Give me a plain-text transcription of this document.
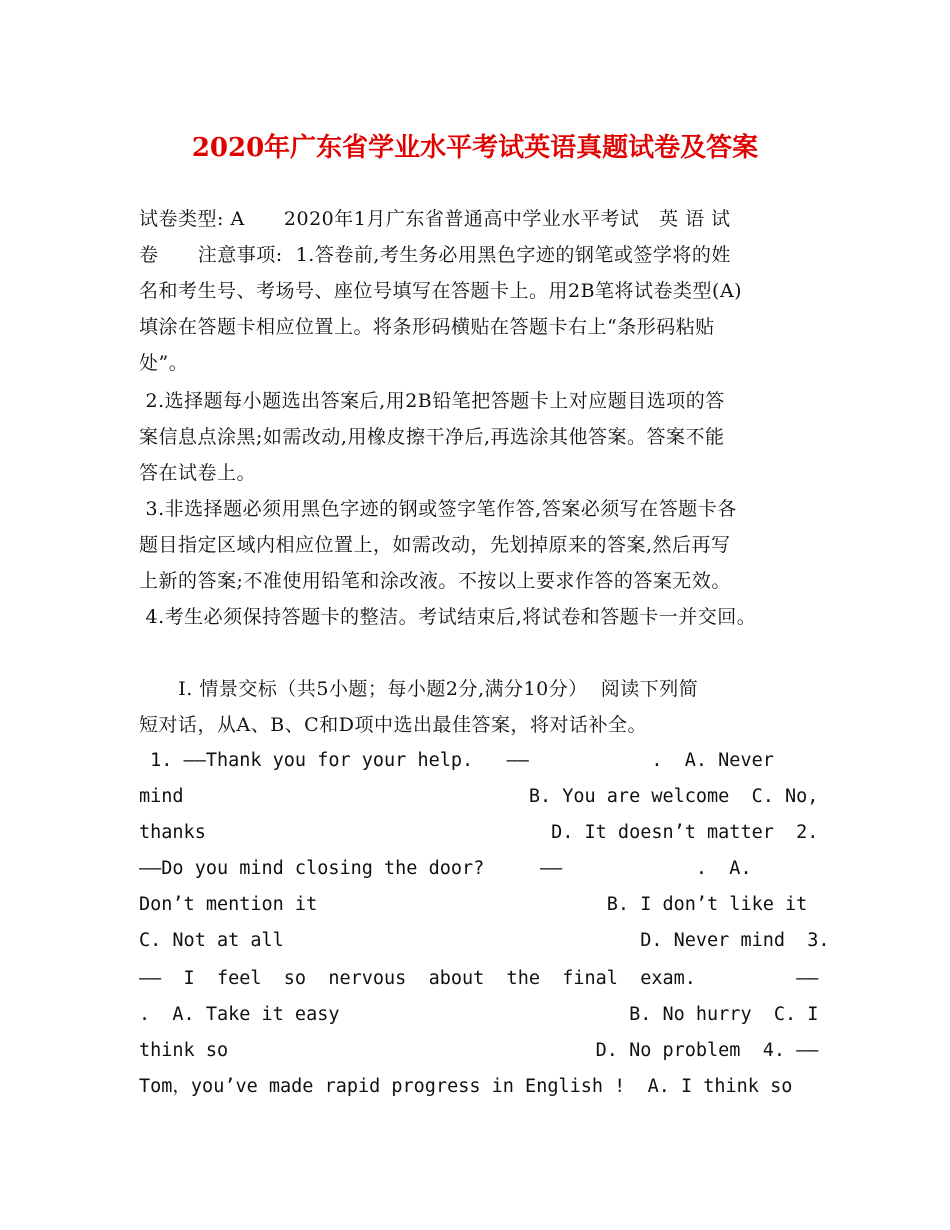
2020年广东省学业水平考试英语真题试卷及答案
试卷类型: A      2020年1月广东省普通高中学业水平考试   英 语 试
卷      注意事项:  1.答卷前,考生务必用黑色字迹的钢笔或签学将的姓
名和考生号、考场号、座位号填写在答题卡上。用2B笔将试卷类型(A)
填涂在答题卡相应位置上。将条形码横贴在答题卡右上“条形码粘贴
处”。
2.选择题每小题选出答案后,用2B铅笔把答题卡上对应题目选项的答
案信息点涂黑;如需改动,用橡皮擦干净后,再选涂其他答案。答案不能
答在试卷上。
3.非选择题必须用黑色字迹的钢或签字笔作答,答案必须写在答题卡各
题目指定区域内相应位置上，如需改动，先划掉原来的答案,然后再写
上新的答案;不准使用铅笔和涂改液。不按以上要求作答的答案无效。
4.考生必须保持答题卡的整洁。考试结束后,将试卷和答题卡一并交回。
I. 情景交标（共5小题；每小题2分,满分10分）  阅读下列简
短对话，从A、B、C和D项中选出最佳答案，将对话补全。
1. ——Thank you for your help.   ——           .  A. Never
mind                               B. You are welcome  C. No,
thanks                               D. It doesn’t matter  2.
——Do you mind closing the door?     ——            .  A.
Don’t mention it                          B. I don’t like it
C. Not at all                                D. Never mind  3.
——  I  feel  so  nervous  about  the  final  exam.         ——
.  A. Take it easy                          B. No hurry  C. I
think so                                 D. No problem  4. ——
Tom，you’ve made rapid progress in English !  A. I think so
